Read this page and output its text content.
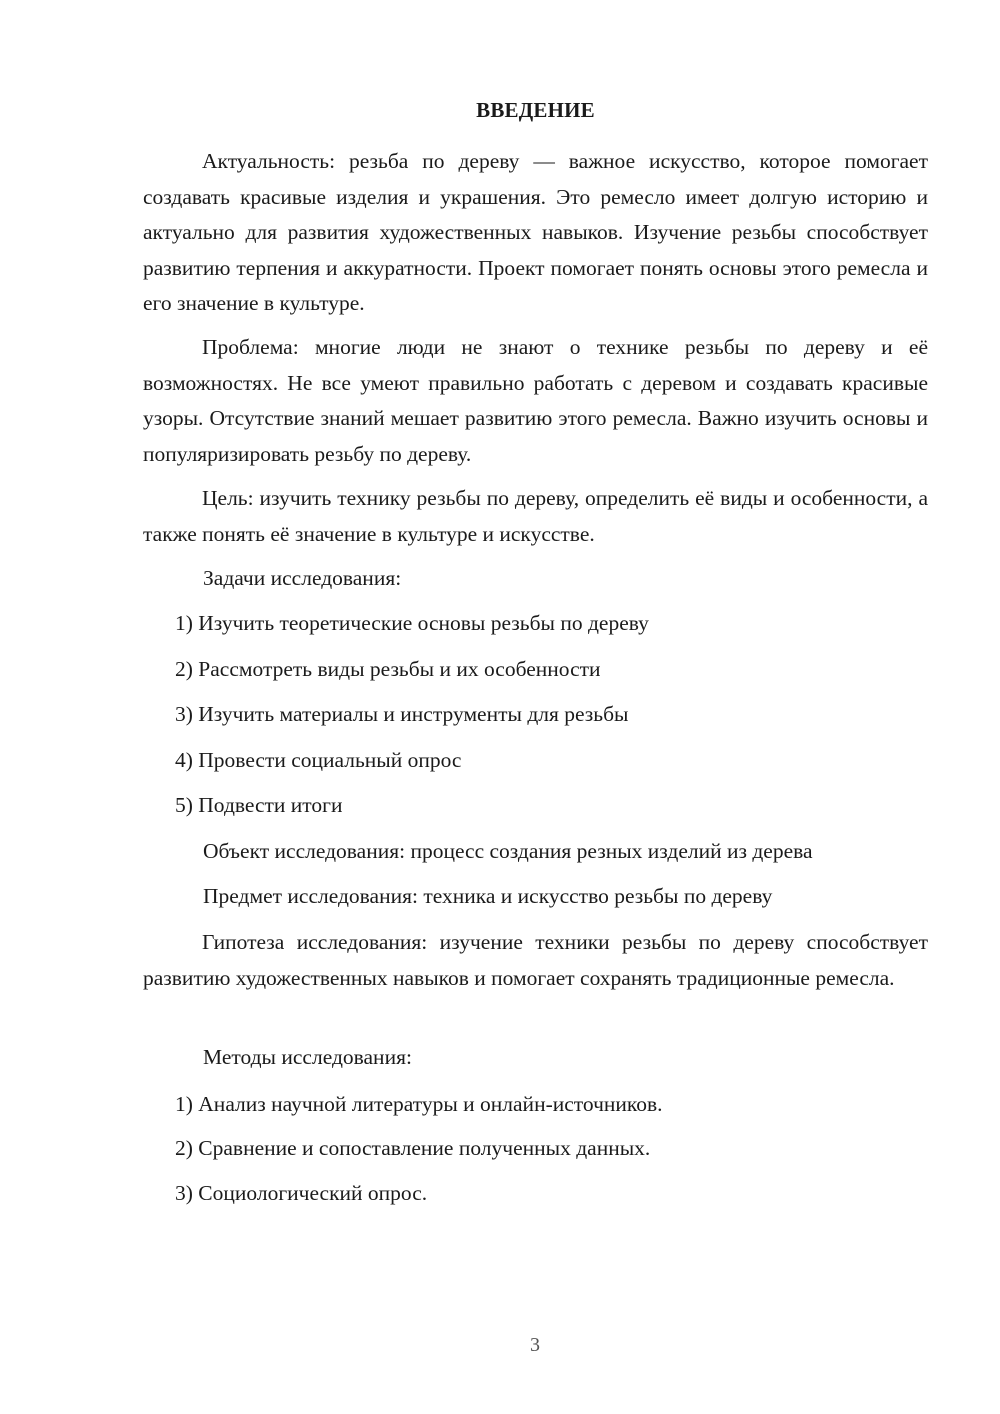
ВВЕДЕНИЕ

Актуальность: резьба по дереву — важное искусство, которое помогает создавать красивые изделия и украшения. Это ремесло имеет долгую историю и актуально для развития художественных навыков. Изучение резьбы способствует развитию терпения и аккуратности. Проект помогает понять основы этого ремесла и его значение в культуре.

Проблема: многие люди не знают о технике резьбы по дереву и её возможностях. Не все умеют правильно работать с деревом и создавать красивые узоры. Отсутствие знаний мешает развитию этого ремесла. Важно изучить основы и популяризировать резьбу по дереву.

Цель: изучить технику резьбы по дереву, определить её виды и особенности, а также понять её значение в культуре и искусстве.

Задачи исследования:
1) Изучить теоретические основы резьбы по дереву
2) Рассмотреть виды резьбы и их особенности
3) Изучить материалы и инструменты для резьбы
4) Провести социальный опрос
5) Подвести итоги
Объект исследования: процесс создания резных изделий из дерева
Предмет исследования: техника и искусство резьбы по дереву

Гипотеза исследования: изучение техники резьбы по дереву способствует развитию художественных навыков и помогает сохранять традиционные ремесла.

Методы исследования:
1) Анализ научной литературы и онлайн-источников.
2) Сравнение и сопоставление полученных данных.
3) Социологический опрос.
3
